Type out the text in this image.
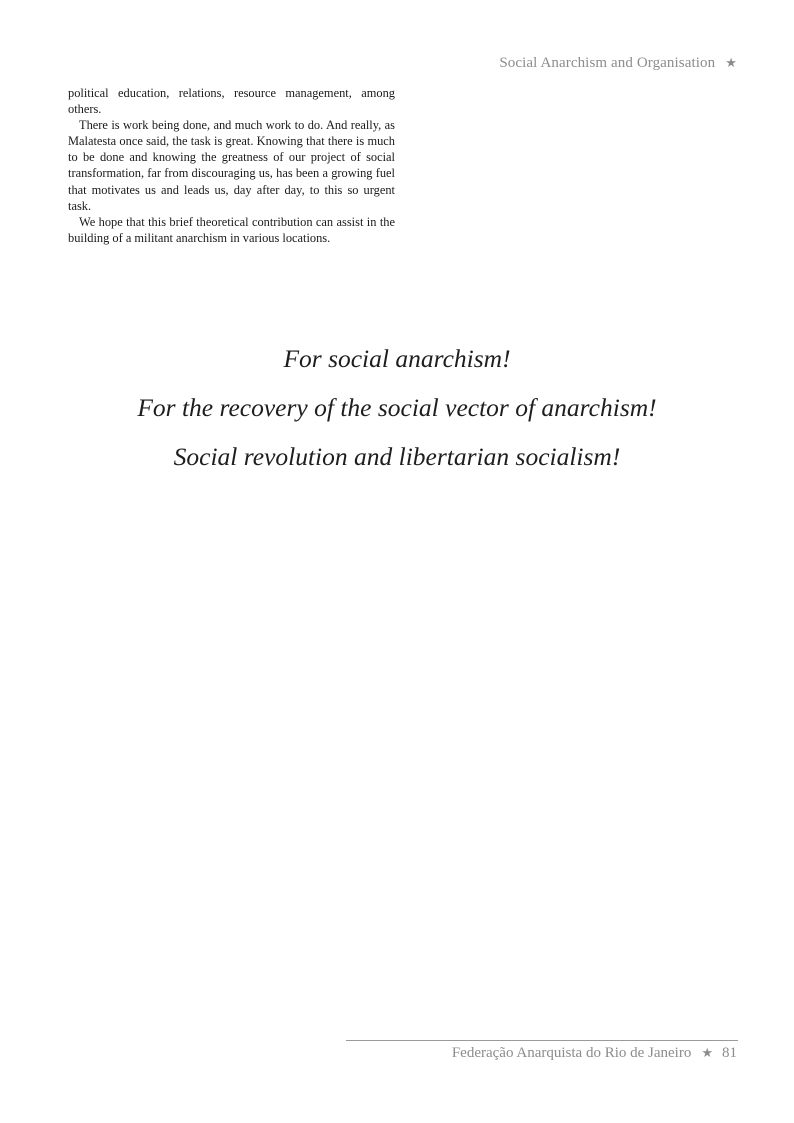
Social Anarchism and Organisation ★

political education, relations, resource management, among others.

There is work being done, and much work to do. And really, as Malatesta once said, the task is great. Knowing that there is much to be done and knowing the greatness of our project of social transformation, far from discouraging us, has been a growing fuel that motivates us and leads us, day after day, to this so urgent task.

We hope that this brief theoretical contribution can assist in the building of a militant anarchism in various locations.

For social anarchism!
For the recovery of the social vector of anarchism!
Social revolution and libertarian socialism!
Federação Anarquista do Rio de Janeiro ★ 81
